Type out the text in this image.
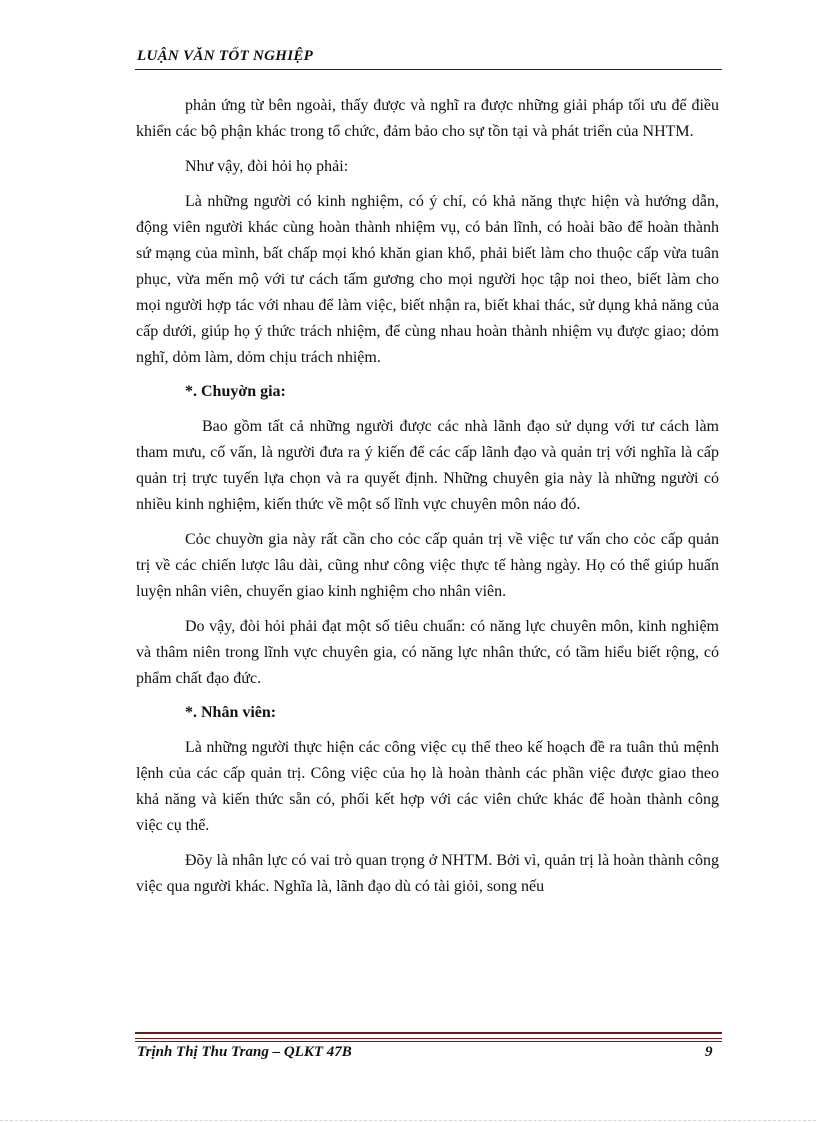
LUẬN VĂN TỐT NGHIỆP

phản ứng từ bên ngoài, thấy được và nghĩ ra được những giải pháp tối ưu để điều khiển các bộ phận khác trong tổ chức, đảm bảo cho sự tồn tại và phát triển của NHTM.

Như vậy, đòi hỏi họ phải:

Là những người có kinh nghiệm, có ý chí, có khả năng thực hiện và hướng dẫn, động viên người khác cùng hoàn thành nhiệm vụ, có bản lĩnh, có hoài bão để hoàn thành sứ mạng của mình, bất chấp mọi khó khăn gian khổ, phải biết làm cho thuộc cấp vừa tuân phục, vừa mến mộ với tư cách tấm gương cho mọi người học tập noi theo, biết làm cho mọi người hợp tác với nhau để làm việc, biết nhận ra, biết khai thác, sử dụng khả năng của cấp dưới, giúp họ ý thức trách nhiệm, để cùng nhau hoàn thành nhiệm vụ được giao; dỏm nghĩ, dỏm làm, dỏm chịu trách nhiệm.

*. Chuyờn gia:

Bao gồm tất cả những người được các nhà lãnh đạo sử dụng với tư cách làm tham mưu, cố vấn, là người đưa ra ý kiến để các cấp lãnh đạo và quản trị với nghĩa là cấp quản trị trực tuyến lựa chọn và ra quyết định. Những chuyên gia này là những người có nhiều kinh nghiệm, kiến thức về một số lĩnh vực chuyên môn náo đó.

Cỏc chuyờn gia này rất cần cho cỏc cấp quản trị về việc tư vấn cho cỏc cấp quản trị về các chiến lược lâu dài, cũng như công việc thực tế hàng ngày. Họ có thể giúp huấn luyện nhân viên, chuyển giao kinh nghiệm cho nhân viên.

Do vậy, đòi hỏi phải đạt một số tiêu chuẩn: có năng lực chuyên môn, kinh nghiệm và thâm niên trong lĩnh vực chuyên gia, có năng lực nhân thức, có tầm hiểu biết rộng, có phẩm chất đạo đức.

*. Nhân viên:

Là những người thực hiện các công việc cụ thể theo kế hoạch đề ra tuân thủ mệnh lệnh của các cấp quản trị. Công việc của họ là hoàn thành các phần việc được giao theo khả năng và kiến thức sẵn có, phối kết hợp với các viên chức khác để hoàn thành công việc cụ thể.

Đõy là nhân lực có vai trò quan trọng ở NHTM. Bởi vì, quản trị là hoàn thành công việc qua người khác. Nghĩa là, lãnh đạo dù có tài giỏi, song nếu

Trịnh Thị Thu Trang – QLKT 47B	9
